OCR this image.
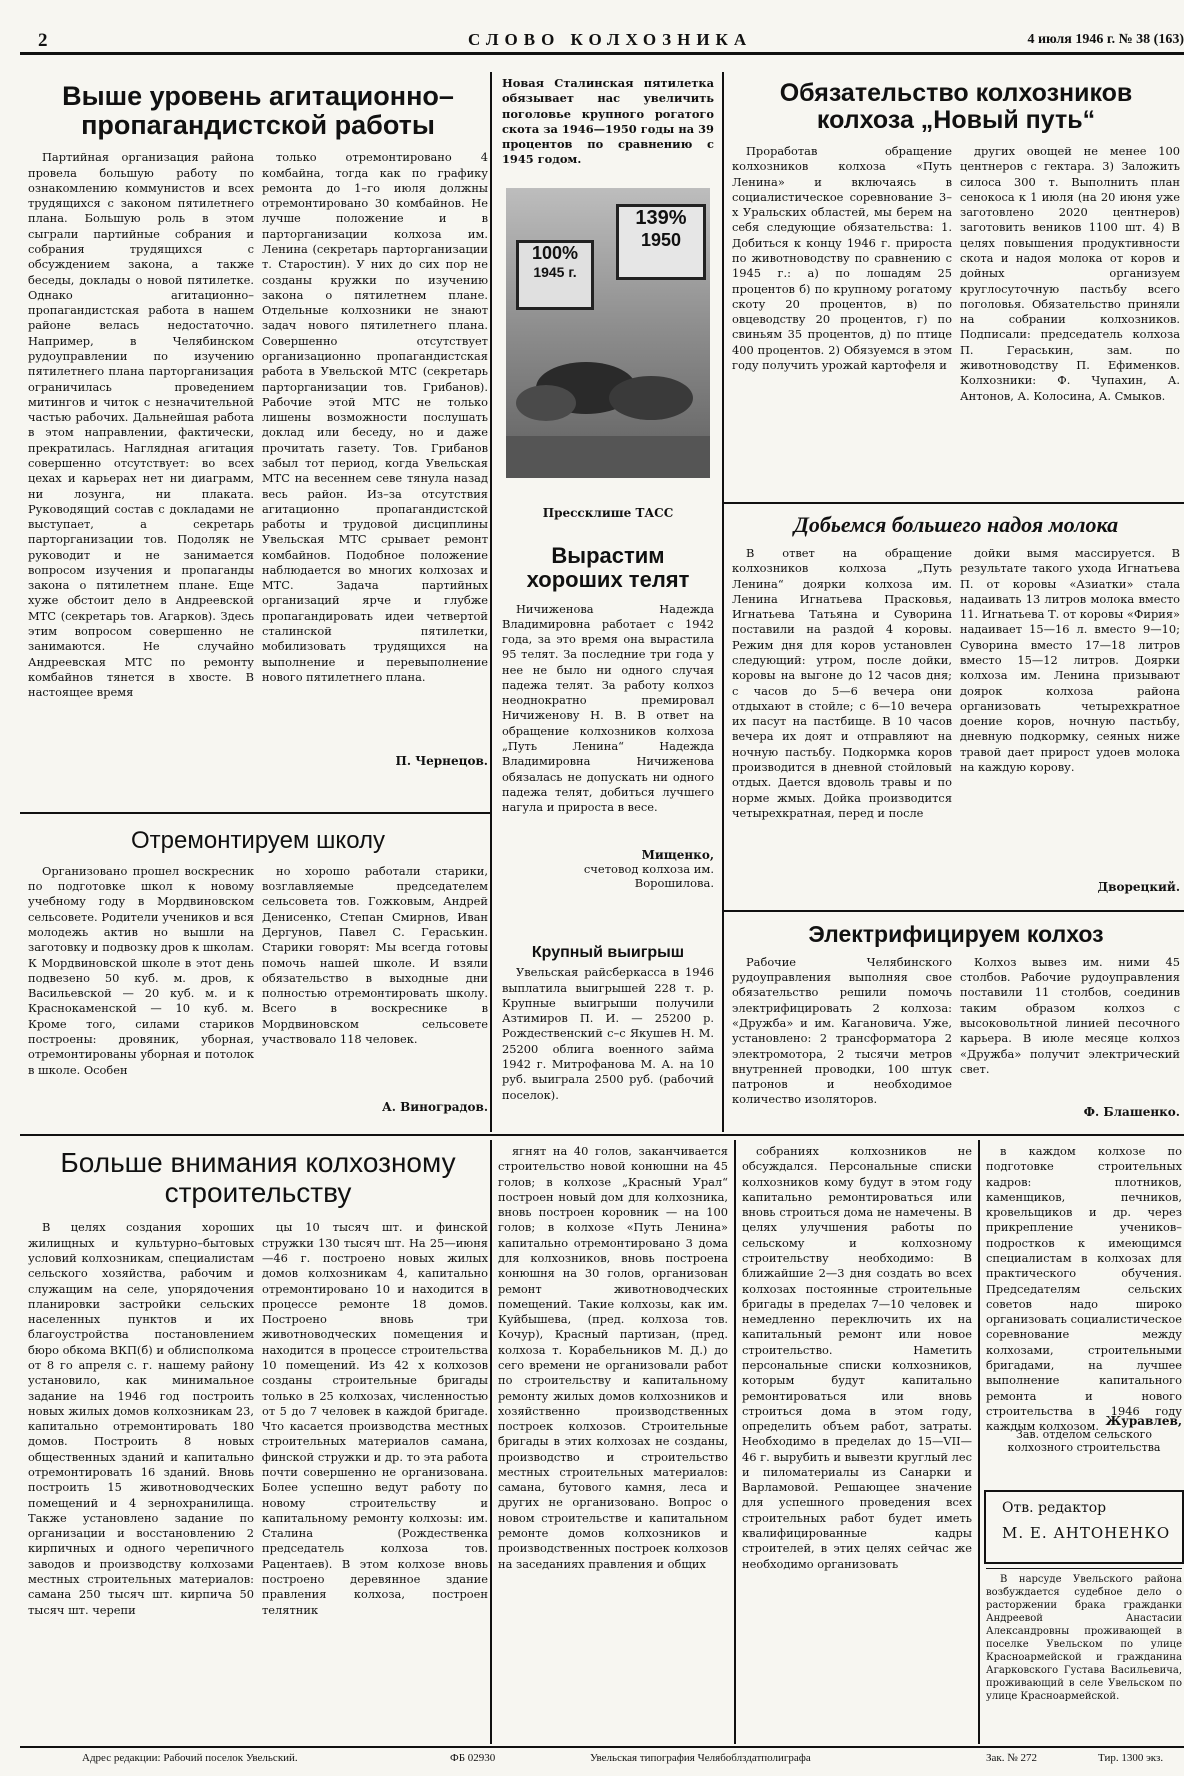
2	СЛОВО КОЛХОЗНИКА	4 июля 1946 г. № 38 (163)
Выше уровень агитационно–пропагандистской работы
Партийная организация района провела большую работу по ознакомлению коммунистов и всех трудящихся с законом пятилетнего плана. Большую роль в этом сыграли партийные собрания и собрания трудящихся с обсуждением закона, а также беседы, доклады о новой пятилетке. Однако агитационно–пропагандистская работа в нашем районе велась недостаточно. Например, в Челябинском рудоуправлении по изучению пятилетнего плана парторганизация ограничилась проведением митингов и читок с незначительной частью рабочих. Дальнейшая работа в этом направлении, фактически, прекратилась. Наглядная агитация совершенно отсутствует: во всех цехах и карьерах нет ни диаграмм, ни лозунга, ни плаката. Руководящий состав с докладами не выступает, а секретарь парторганизации тов. Подоляк не руководит и не занимается вопросом изучения и пропаганды закона о пятилетнем плане. Еще хуже обстоит дело в Андреевской МТС (секретарь тов. Агарков). Здесь этим вопросом совершенно не занимаются. Не случайно Андреевская МТС по ремонту комбайнов тянется в хвосте. В настоящее время
только отремонтировано 4 комбайна, тогда как по графику ремонта до 1–го июля должны отремонтировано 30 комбайнов. Не лучше положение и в парторганизации колхоза им. Ленина (секретарь парторганизации т. Старостин). У них до сих пор не созданы кружки по изучению закона о пятилетнем плане. Отдельные колхозники не знают задач нового пятилетнего плана. Совершенно отсутствует организационно пропагандистская работа в Увельской МТС (секретарь парторганизации тов. Грибанов). Рабочие этой МТС не только лишены возможности послушать доклад или беседу, но и даже прочитать газету. Тов. Грибанов забыл тот период, когда Увельская МТС на весеннем севе тянула назад весь район. Из–за отсутствия агитационно пропагандистской работы и трудовой дисциплины Увельская МТС срывает ремонт комбайнов. Подобное положение наблюдается во многих колхозах и МТС. Задача партийных организаций ярче и глубже пропагандировать идеи четвертой сталинской пятилетки, мобилизовать трудящихся на выполнение и перевыполнение нового пятилетнего плана.
П. Чернецов.
Отремонтируем школу
Организовано прошел воскресник по подготовке школ к новому учебному году в Мордвиновском сельсовете. Родители учеников и вся молодежь актив но вышли на заготовку и подвозку дров к школам. К Мордвиновской школе в этот день подвезено 50 куб. м. дров, к Васильевской — 20 куб. м. и к Краснокаменской — 10 куб. м. Кроме того, силами стариков построены: дровяник, уборная, отремонтированы уборная и потолок в школе. Особен
но хорошо работали старики, возглавляемые председателем сельсовета тов. Гожковым, Андрей Денисенко, Степан Смирнов, Иван Дергунов, Павел С. Гераськин. Старики говорят: Мы всегда готовы помочь нашей школе. И взяли обязательство в выходные дни полностью отремонтировать школу. Всего в воскреснике в Мордвиновском сельсовете участвовало 118 человек.
А. Виноградов.
Новая Сталинская пятилетка обязывает нас увеличить поголовье крупного рогатого скота за 1946—1950 годы на 39 процентов по сравнению с 1945 годом.
139%
1950
100%
1945 г.
Прессклише ТАСС
Вырастим хороших телят
Ничиженова Надежда Владимировна работает с 1942 года, за это время она вырастила 95 телят. За последние три года у нее не было ни одного случая падежа телят. За работу колхоз неоднократно премировал Ничиженову Н. В. В ответ на обращение колхозников колхоза „Путь Ленина“ Надежда Владимировна Ничиженова обязалась не допускать ни одного падежа телят, добиться лучшего нагула и прироста в весе.
Мищенко,
счетовод колхоза им. Ворошилова.
Крупный выигрыш
Увельская райсберкасса в 1946 выплатила выигрышей 228 т. р. Крупные выигрыши получили Азтимиров П. И. — 25200 р. Рождественский с–с Якушев Н. М. 25200 облига военного займа 1942 г. Митрофанова М. А. на 10 руб. выиграла 2500 руб. (рабочий поселок).
Обязательство колхозников колхоза „Новый путь“
Проработав обращение колхозников колхоза «Путь Ленина» и включаясь в социалистическое соревнование 3–х Уральских областей, мы берем на себя следующие обязательства: 1. Добиться к концу 1946 г. прироста по животноводству по сравнению с 1945 г.: а) по лошадям 25 процентов б) по крупному рогатому скоту 20 процентов, в) по овцеводству 20 процентов, г) по свиньям 35 процентов, д) по птице 400 процентов. 2) Обязуемся в этом году получить урожай картофеля и
других овощей не менее 100 центнеров с гектара. 3) Заложить силоса 300 т. Выполнить план сенокоса к 1 июля (на 20 июня уже заготовлено 2020 центнеров) заготовить веников 1100 шт. 4) В целях повышения продуктивности скота и надоя молока от коров и дойных организуем круглосуточную пастьбу всего поголовья. Обязательство приняли на собрании колхозников. Подписали: председатель колхоза П. Гераськин, зам. по животноводству П. Ефименков. Колхозники: Ф. Чупахин, А. Антонов, А. Колосина, А. Смыков.
Добьемся большего надоя молока
В ответ на обращение колхозников колхоза „Путь Ленина“ доярки колхоза им. Ленина Игнатьева Прасковья, Игнатьева Татьяна и Суворина поставили на раздой 4 коровы. Режим дня для коров установлен следующий: утром, после дойки, коровы на выгоне до 12 часов дня; с часов до 5—6 вечера они отдыхают в стойле; с 6—10 вечера их пасут на пастбище. В 10 часов вечера их доят и отправляют на ночную пастьбу. Подкормка коров производится в дневной стойловый отдых. Дается вдоволь травы и по норме жмых. Дойка производится четырехкратная, перед и после
дойки вымя массируется. В результате такого ухода Игнатьева П. от коровы «Азиатки» стала надаивать 13 литров молока вместо 11. Игнатьева Т. от коровы «Фирия» надаивает 15—16 л. вместо 9—10; Суворина вместо 17—18 литров вместо 15—12 литров. Доярки колхоза им. Ленина призывают доярок колхоза района организовать четырехкратное доение коров, ночную пастьбу, дневную подкормку, сеяных ниже травой дает прирост удоев молока на каждую корову.
Дворецкий.
Электрифицируем колхоз
Рабочие Челябинского рудоуправления выполняя свое обязательство решили помочь электрифицировать 2 колхоза: «Дружба» и им. Кагановича. Уже, установлено: 2 трансформатора 2 электромотора, 2 тысячи метров внутренней проводки, 100 штук патронов и необходимое количество изоляторов.
Колхоз вывез им. ними 45 столбов. Рабочие рудоуправления поставили 11 столбов, соединив таким образом колхоз с высоковольтной линией песочного карьера. В июле месяце колхоз «Дружба» получит электрический свет.
Ф. Блашенко.
Больше внимания колхозному строительству
В целях создания хороших жилищных и культурно–бытовых условий колхозникам, специалистам сельского хозяйства, рабочим и служащим на селе, упорядочения планировки застройки сельских населенных пунктов и их благоустройства постановлением бюро обкома ВКП(б) и облисполкома от 8 го апреля с. г. нашему району установило, как минимальное задание на 1946 год построить новых жилых домов колхозникам 23, капитально отремонтировать 180 домов. Построить 8 новых общественных зданий и капитально отремонтировать 16 зданий. Вновь построить 15 животноводческих помещений и 4 зернохранилища. Также установлено задание по организации и восстановлению 2 кирпичных и одного черепичного заводов и производству колхозами местных строительных материалов: самана 250 тысяч шт. кирпича 50 тысяч шт. черепи
цы 10 тысяч шт. и финской стружки 130 тысяч шт. На 25—июня—46 г. построено новых жилых домов колхозникам 4, капитально отремонтировано 10 и находится в процессе ремонте 18 домов. Построено вновь три животноводческих помещения и находится в процессе строительства 10 помещений. Из 42 х колхозов созданы строительные бригады только в 25 колхозах, численностью от 5 до 7 человек в каждой бригаде. Что касается производства местных строительных материалов самана, финской стружки и др. то эта работа почти совершенно не организована. Более успешно ведут работу по новому строительству и капитальному ремонту колхозы: им. Сталина (Рождественка председатель колхоза тов. Рацентаев). В этом колхозе вновь построено деревянное здание правления колхоза, построен телятник
ягнят на 40 голов, заканчивается строительство новой конюшни на 45 голов; в колхозе „Красный Урал“ построен новый дом для колхозника, вновь построен коровник — на 100 голов; в колхозе «Путь Ленина» капитально отремонтировано 3 дома для колхозников, вновь построена конюшня на 30 голов, организован ремонт животноводческих помещений. Такие колхозы, как им. Куйбышева, (пред. колхоза тов. Кочур), Красный партизан, (пред. колхоза т. Корабельников М. Д.) до сего времени не организовали работ по строительству и капитальному ремонту жилых домов колхозников и хозяйственно производственных построек колхозов. Строительные бригады в этих колхозах не созданы, производство и строительство местных строительных материалов: самана, бутового камня, леса и других не организовано. Вопрос о новом строительстве и капитальном ремонте домов колхозников и производственных построек колхозов на заседаниях правления и общих
собраниях колхозников не обсуждался. Персональные списки колхозников кому будут в этом году капитально ремонтироваться или вновь строиться дома не намечены. В целях улучшения работы по сельскому и колхозному строительству необходимо: В ближайшие 2—3 дня создать во всех колхозах постоянные строительные бригады в пределах 7—10 человек и немедленно переключить их на капитальный ремонт или новое строительство. Наметить персональные списки колхозников, которым будут капитально ремонтироваться или вновь строиться дома в этом году, определить объем работ, затраты. Необходимо в пределах до 15—VII—46 г. вырубить и вывезти круглый лес и пиломатериалы из Санарки и Варламовой. Решающее значение для успешного проведения всех строительных работ будет иметь квалифицированные кадры строителей, в этих целях сейчас же необходимо организовать
в каждом колхозе по подготовке строительных кадров: плотников, каменщиков, печников, кровельщиков и др. через прикрепление учеников–подростков к имеющимся специалистам в колхозах для практического обучения. Председателям сельских советов надо широко организовать социалистическое соревнование между колхозами, строительными бригадами, на лучшее выполнение капитального ремонта и нового строительства в 1946 году каждым колхозом. Журавлев,
Зав. отделом сельского колхозного строительства
Отв. редактор
М. Е. АНТОНЕНКО
В нарсуде Увельского района возбуждается судебное дело о расторжении брака гражданки Андреевой Анастасии Александровны проживающей в поселке Увельском по улице Красноармейской и гражданина Агарковского Густава Васильевича, проживающий в селе Увельском по улице Красноармейской.
Адрес редакции: Рабочий поселок Увельский.	ФБ 02930	Увельская типография Челябоблздатполиграфа	Зак. № 272	Тир. 1300 экз.
